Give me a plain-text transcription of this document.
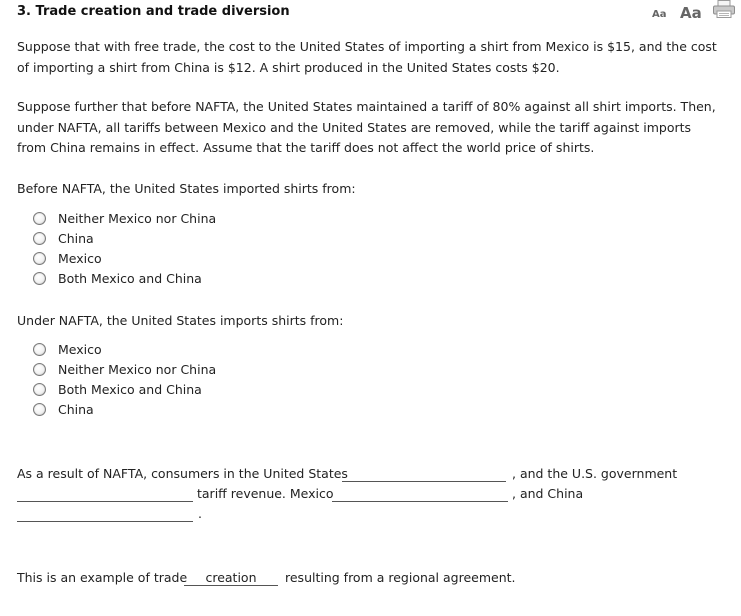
3. Trade creation and trade diversion	Aa Aa

Suppose that with free trade, the cost to the United States of importing a shirt from Mexico is $15, and the cost of importing a shirt from China is $12. A shirt produced in the United States costs $20.

Suppose further that before NAFTA, the United States maintained a tariff of 80% against all shirt imports. Then, under NAFTA, all tariffs between Mexico and the United States are removed, while the tariff against imports from China remains in effect. Assume that the tariff does not affect the world price of shirts.

Before NAFTA, the United States imported shirts from:
Neither Mexico nor China
China
Mexico
Both Mexico and China
Under NAFTA, the United States imports shirts from:
Mexico
Neither Mexico nor China
Both Mexico and China
China
As a result of NAFTA, consumers in the United States	, and the U.S. government
tariff revenue. Mexico	, and China
.
This is an example of trade	creation	resulting from a regional agreement.
